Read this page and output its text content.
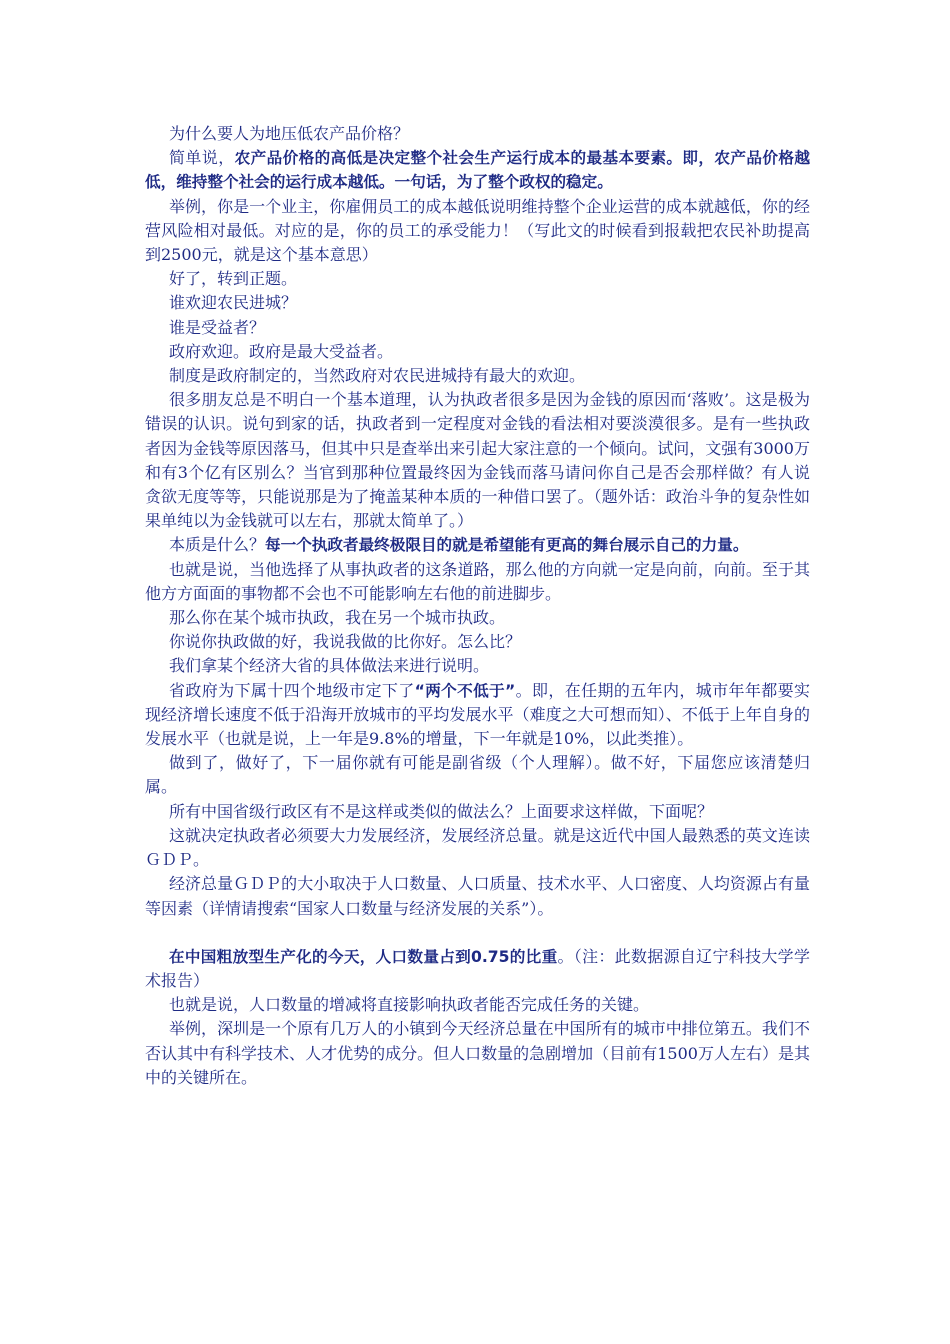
为什么要人为地压低农产品价格？

简单说，农产品价格的高低是决定整个社会生产运行成本的最基本要素。即，农产品价格越低，维持整个社会的运行成本越低。一句话，为了整个政权的稳定。

举例，你是一个业主，你雇佣员工的成本越低说明维持整个企业运营的成本就越低，你的经营风险相对最低。对应的是，你的员工的承受能力！（写此文的时候看到报载把农民补助提高到2500元，就是这个基本意思）

好了，转到正题。

谁欢迎农民进城？

谁是受益者？

政府欢迎。政府是最大受益者。

制度是政府制定的，当然政府对农民进城持有最大的欢迎。

很多朋友总是不明白一个基本道理，认为执政者很多是因为金钱的原因而‘落败’。这是极为错误的认识。说句到家的话，执政者到一定程度对金钱的看法相对要淡漠很多。是有一些执政者因为金钱等原因落马，但其中只是查举出来引起大家注意的一个倾向。试问，文强有3000万和有3个亿有区别么？当官到那种位置最终因为金钱而落马请问你自己是否会那样做？有人说贪欲无度等等，只能说那是为了掩盖某种本质的一种借口罢了。（题外话：政治斗争的复杂性如果单纯以为金钱就可以左右，那就太简单了。）

本质是什么？每一个执政者最终极限目的就是希望能有更高的舞台展示自己的力量。

也就是说，当他选择了从事执政者的这条道路，那么他的方向就一定是向前，向前。至于其他方方面面的事物都不会也不可能影响左右他的前进脚步。

那么你在某个城市执政，我在另一个城市执政。

你说你执政做的好，我说我做的比你好。怎么比？

我们拿某个经济大省的具体做法来进行说明。

省政府为下属十四个地级市定下了“两个不低于”。即，在任期的五年内，城市年年都要实现经济增长速度不低于沿海开放城市的平均发展水平（难度之大可想而知）、不低于上年自身的发展水平（也就是说，上一年是9.8%的增量，下一年就是10%，以此类推）。

做到了，做好了，下一届你就有可能是副省级（个人理解）。做不好，下届您应该清楚归属。

所有中国省级行政区有不是这样或类似的做法么？上面要求这样做，下面呢？

这就决定执政者必须要大力发展经济，发展经济总量。就是这近代中国人最熟悉的英文连读ＧＤＰ。

经济总量ＧＤＰ的大小取决于人口数量、人口质量、技术水平、人口密度、人均资源占有量等因素（详情请搜索“国家人口数量与经济发展的关系”）。

在中国粗放型生产化的今天，人口数量占到0.75的比重。（注：此数据源自辽宁科技大学学术报告）

也就是说，人口数量的增减将直接影响执政者能否完成任务的关键。

举例，深圳是一个原有几万人的小镇到今天经济总量在中国所有的城市中排位第五。我们不否认其中有科学技术、人才优势的成分。但人口数量的急剧增加（目前有1500万人左右）是其中的关键所在。
